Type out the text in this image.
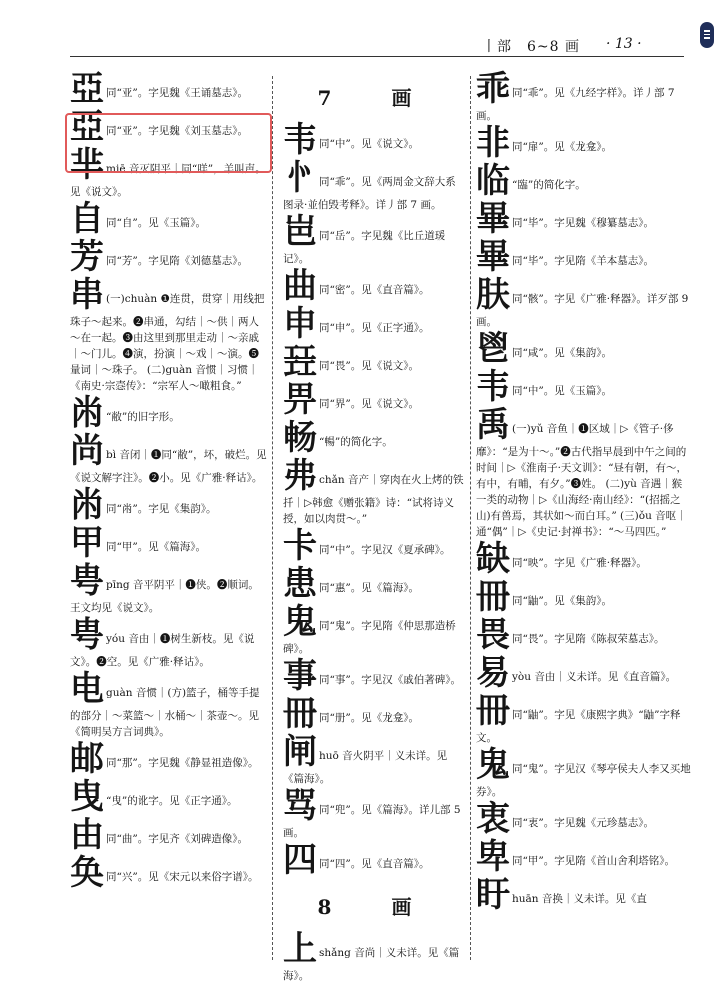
丨部　6~8 画 · 13 ·
亞同“亚”。字见魏《王诵墓志》。
亞同“亚”。字见魏《刘玉墓志》。
芈miē 音灭阴平｜同“咩”，羊叫声。见《说文》。
自同“自”。见《玉篇》。
芳同“芳”。字见隋《刘德墓志》。
串 (一)chuàn ❶连贯，贯穿｜用线把珠子～起来。❷串通，勾结｜～供｜两人～在一起。❸由这里到那里走动｜～亲戚｜～门儿。❹演，扮演｜～戏｜～演。❺量词｜～珠子。 (二)guàn 音惯｜习惯｜《南史·宗悫传》：“宗军人～噉粗食。”
㡀 “敝”的旧字形。
尚bì 音闭｜❶同“敝”，坏，破烂。见《说文解字注》。❷小。见《广雅·释诂》。
㡀同“㡀”。字见《集韵》。
甲同“甲”。见《篇海》。
甹pīng 音平阴平｜❶侠。❷顺词。王文均见《说文》。
甹yóu 音由｜❶树生新枝。见《说文》。❷空。见《广雅·释诂》。
电guàn 音惯｜(方)篮子，桶等手提的部分｜～菜篮～｜水桶～｜茶壶～。见《简明吴方言词典》。
邮同“那”。字见魏《静显祖造像》。
曳 “曳”的讹字。见《正字通》。
由同“曲”。字见齐《刘碑造像》。
奂同“兴”。见《宋元以来俗字谱》。
7　画
韦同“中”。见《说文》。
㣺同“乖”。见《两周金文辞大系图录·並伯毁考释》。详丿部 7 画。
岜同“岳”。字见魏《比丘道瑗记》。
曲同“密”。见《直音篇》。
申同“申”。见《正字通》。
㠭同“畏”。见《说文》。
畀同“界”。见《说文》。
畅 “暢”的简化字。
弗chǎn 音产｜穿肉在火上烤的铁扦｜▷韩愈《赠张籍》诗：“试将诗义授，如以肉贯～。”
卡同“中”。字见汉《夏承碑》。
患同“惠”。见《篇海》。
鬼同“鬼”。字见隋《仲思那造桥碑》。
事同“事”。字见汉《戚伯著碑》。
冊同“册”。见《龙龛》。
闸huō 音火阴平｜义未详。见《篇海》。
骂同“兜”。见《篇海》。详儿部 5 画。
四同“四”。见《直音篇》。
8　画
上shǎng 音尚｜义未详。见《篇海》。
乖同“乖”。见《九经字样》。详丿部 7 画。
非同“扉”。见《龙龛》。
临 “臨”的简化字。
畢同“毕”。字见魏《穆纂墓志》。
畢同“毕”。字见隋《羊本墓志》。
肤同“骸”。字见《广雅·释器》。详歹部 9 画。
鬯同“咸”。见《集韵》。
韦同“中”。见《玉篇》。
禹 (一)yǔ 音鱼｜❶区域｜▷《管子·侈靡》：“是为十～。”❷古代指早晨到中午之间的时间｜▷《淮南子·天文训》：“昼有朝，有～，有中，有晡，有夕。”❸姓。 (二)yù 音遇｜猴一类的动物｜▷《山海经·南山经》：“(招摇之山)有兽焉，其状如～而白耳。” (三)ǒu 音呕｜通“偶”｜▷《史记·封禅书》：“～马四匹。”
缺同“映”。字见《广雅·释器》。
冊同“鼬”。见《集韵》。
畏同“畏”。字见隋《陈叔荣墓志》。
易yòu 音由｜义未详。见《直音篇》。
冊同“鼬”。字见《康熙字典》“鼬”字释文。
鬼同“鬼”。字见汉《琴亭侯夫人李又买地券》。
衷同“衷”。字见魏《元珍墓志》。
卑同“甲”。字见隋《首山舍利塔铭》。
盱huān 音换｜义未详。见《直
